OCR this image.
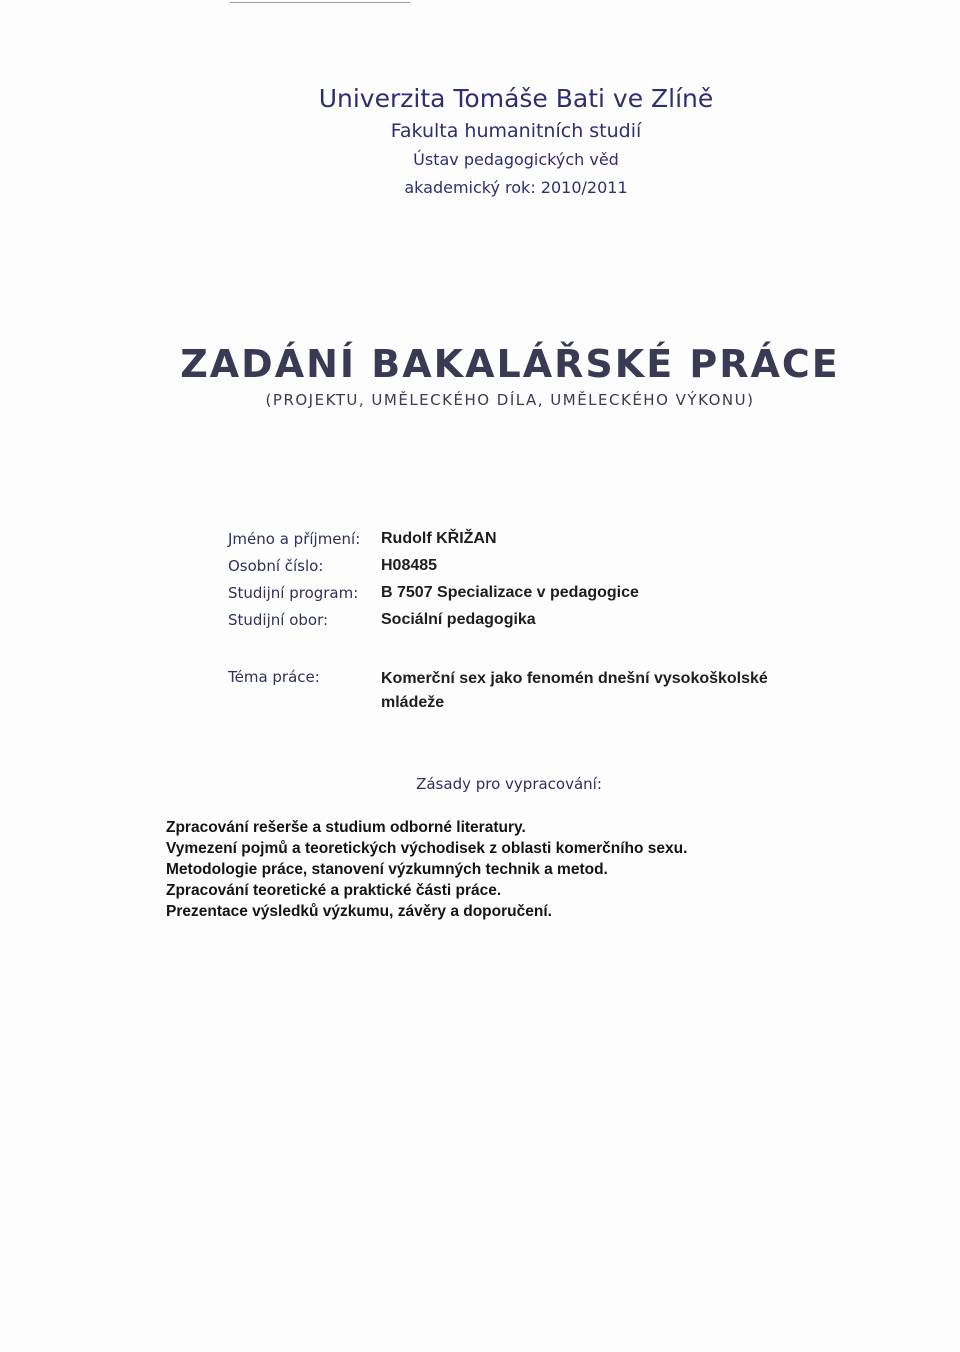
Univerzita Tomáše Bati ve Zlíně
Fakulta humanitních studií
Ústav pedagogických věd
akademický rok: 2010/2011
ZADÁNÍ BAKALÁŘSKÉ PRÁCE
(PROJEKTU, UMĚLECKÉHO DÍLA, UMĚLECKÉHO VÝKONU)
Jméno a příjmení:	Rudolf KŘIŽAN
Osobní číslo:	H08485
Studijní program:	B 7507 Specializace v pedagogice
Studijní obor:	Sociální pedagogika
Téma práce:	Komerční sex jako fenomén dnešní vysokoškolské mládeže
Zásady pro vypracování:
Zpracování rešerše a studium odborné literatury.
Vymezení pojmů a teoretických východisek z oblasti komerčního sexu.
Metodologie práce, stanovení výzkumných technik a metod.
Zpracování teoretické a praktické části práce.
Prezentace výsledků výzkumu, závěry a doporučení.
